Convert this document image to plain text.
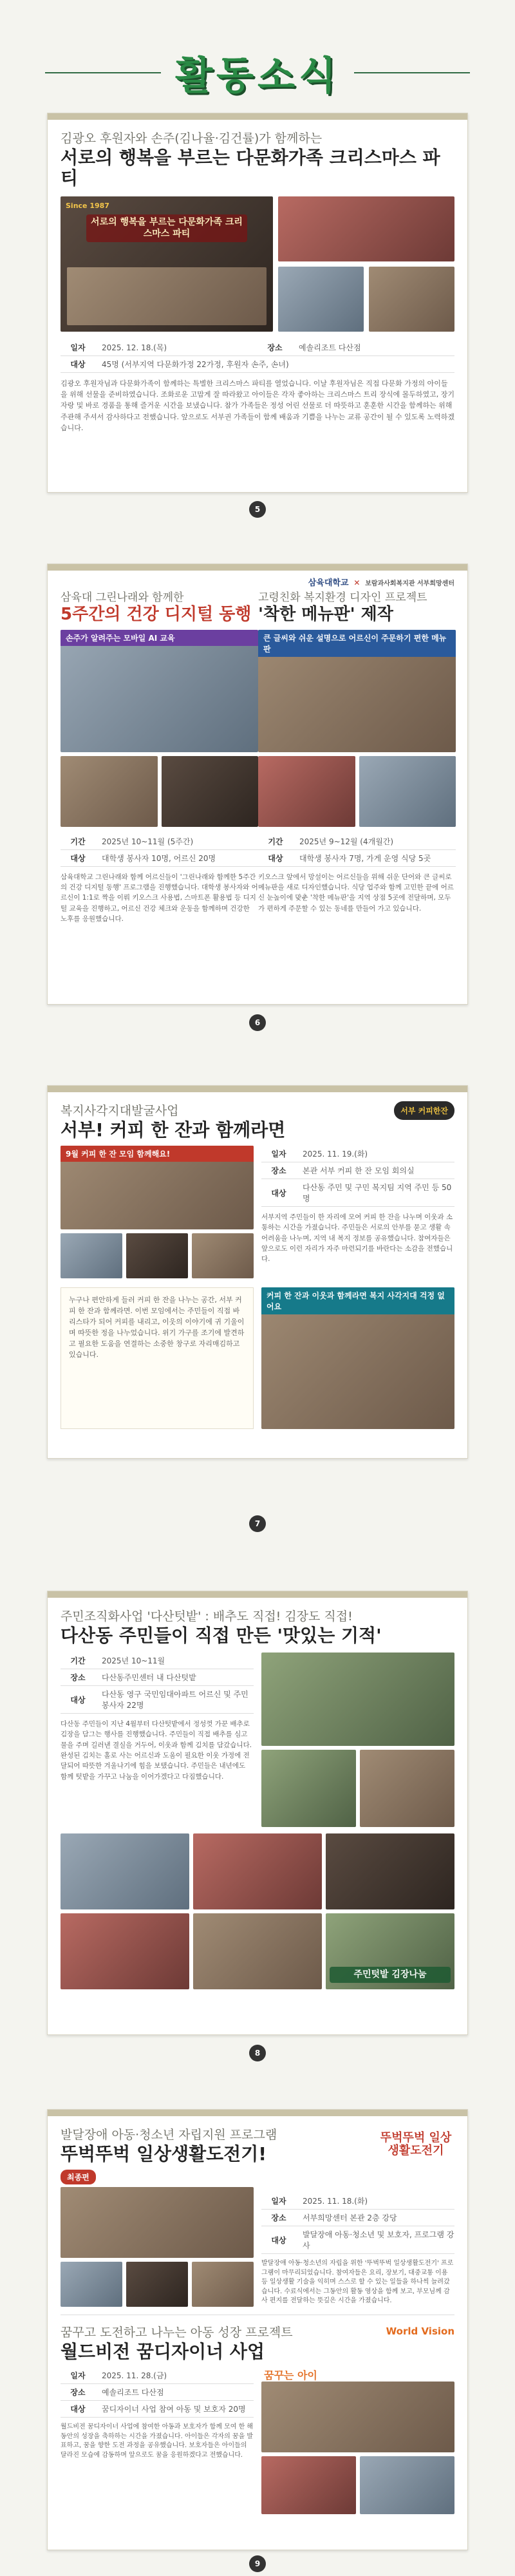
활동소식
김광오 후원자와 손주(김나율·김건률)가 함께하는
서로의 행복을 부르는 다문화가족 크리스마스 파티
Since 1987
서로의 행복을 부르는 다문화가족 크리스마스 파티
일자	2025. 12. 18.(목)	장소	예솔리조트 다산점
대상	45명 (서부지역 다문화가정 22가정, 후원자 손주, 손녀)
김광오 후원자님과 다문화가족이 함께하는 특별한 크리스마스 파티를 열었습니다. 이날 후원자님은 직접 다문화 가정의 아이들을 위해 선물을 준비하였습니다. 조화로운 고맙게 잘 따라왔고 아이들은 각자 좋아하는 크리스마스 트리 장식에 몰두하였고, 장기자랑 및 바로 경품을 통해 즐거운 시간을 보냈습니다. 참가 가족들은 정성 어린 선물로 더 따뜻하고 훈훈한 시간을 함께하는 위해 주관해 주셔서 감사하다고 전했습니다. 앞으로도 서부권 가족들이 함께 배움과 기쁨을 나누는 교류 공간이 될 수 있도록 노력하겠습니다.
5
삼육대학교 ✕ 보람과사회복지관 서부희망센터
삼육대 그린나래와 함께한
5주간의 건강 디지털 동행
손주가 알려주는 모바일 AI 교육
기간	2025년 10~11월 (5주간)
대상	대학생 봉사자 10명, 어르신 20명
삼육대학교 그린나래와 함께 어르신들이 '그린나래와 함께한 5주간의 건강 디지털 동행' 프로그램을 진행했습니다. 대학생 봉사자와 어르신이 1:1로 짝을 이뤄 키오스크 사용법, 스마트폰 활용법 등 디지털 교육을 진행하고, 어르신 건강 체크와 운동을 함께하며 건강한 노후를 응원했습니다.
고령친화 복지환경 디자인 프로젝트
'착한 메뉴판' 제작
큰 글씨와 쉬운 설명으로 어르신이 주문하기 편한 메뉴판
기간	2025년 9~12월 (4개월간)
대상	대학생 봉사자 7명, 가게 운영 식당 5곳
키오스크 앞에서 망설이는 어르신들을 위해 쉬운 단어와 큰 글씨로 메뉴판을 새로 디자인했습니다. 식당 업주와 함께 고민한 끝에 어르신 눈높이에 맞춘 '착한 메뉴판'을 지역 상점 5곳에 전달하며, 모두가 편하게 주문할 수 있는 동네를 만들어 가고 있습니다.
6
서부 커피한잔
복지사각지대발굴사업
서부! 커피 한 잔과 함께라면
9월 커피 한 잔 모임 함께해요!	일자	2025. 11. 19.(화)
장소	본관 서부 커피 한 잔 모임 회의실
대상
다산동 주민 및 구민 복지팀 지역 주민 등 50명
서부지역 주민들이 한 자리에 모여 커피 한 잔을 나누며 이웃과 소통하는 시간을 가졌습니다. 주민들은 서로의 안부를 묻고 생활 속 어려움을 나누며, 지역 내 복지 정보를 공유했습니다. 참여자들은 앞으로도 이런 자리가 자주 마련되기를 바란다는 소감을 전했습니다.
누구나 편안하게 들러 커피 한 잔을 나누는 공간, 서부 커피 한 잔과 함께라면. 이번 모임에서는 주민들이 직접 바리스타가 되어 커피를 내리고, 이웃의 이야기에 귀 기울이며 따뜻한 정을 나누었습니다. 위기 가구를 조기에 발견하고 필요한 도움을 연결하는 소중한 창구로 자리매김하고 있습니다.
커피 한 잔과 이웃과 함께라면 복지 사각지대 걱정 없어요
7
주민조직화사업 '다산텃밭' : 배추도 직접! 김장도 직접!
다산동 주민들이 직접 만든 '맛있는 기적'
기간	2025년 10~11월
장소	다산동주민센터 내 다산텃밭
대상
다산동 영구 국민임대아파트 어르신 및 주민 봉사자 22명
다산동 주민들이 지난 4월부터 다산텃밭에서 정성껏 가꾼 배추로 김장을 담그는 행사를 진행했습니다. 주민들이 직접 배추를 심고 물을 주며 길러낸 결실을 거두어, 이웃과 함께 김치를 담갔습니다. 완성된 김치는 홀로 사는 어르신과 도움이 필요한 이웃 가정에 전달되어 따뜻한 겨울나기에 힘을 보탰습니다. 주민들은 내년에도 함께 텃밭을 가꾸고 나눔을 이어가겠다고 다짐했습니다.
주민텃밭 김장나눔
8
뚜벅뚜벅 일상생활도전기
발달장애 아동·청소년 자립지원 프로그램
뚜벅뚜벅 일상생활도전기!
최종편
일자	2025. 11. 18.(화)
장소	서부희망센터 본관 2층 강당
대상
발달장애 아동·청소년 및 보호자, 프로그램 강사
발달장애 아동·청소년의 자립을 위한 '뚜벅뚜벅 일상생활도전기' 프로그램이 마무리되었습니다. 참여자들은 요리, 장보기, 대중교통 이용 등 일상생활 기술을 익히며 스스로 할 수 있는 일들을 하나씩 늘려갔습니다. 수료식에서는 그동안의 활동 영상을 함께 보고, 부모님께 감사 편지를 전달하는 뜻깊은 시간을 가졌습니다.
World Vision
꿈꾸고 도전하고 나누는 아동 성장 프로젝트
월드비전 꿈디자이너 사업
일자	2025. 11. 28.(금)
장소	예솔리조트 다산점
대상	꿈디자이너 사업 참여 아동 및 보호자 20명
월드비전 꿈디자이너 사업에 참여한 아동과 보호자가 함께 모여 한 해 동안의 성장을 축하하는 시간을 가졌습니다. 아이들은 각자의 꿈을 발표하고, 꿈을 향한 도전 과정을 공유했습니다. 보호자들은 아이들의 달라진 모습에 감동하며 앞으로도 꿈을 응원하겠다고 전했습니다.
꿈꾸는 아이
9
